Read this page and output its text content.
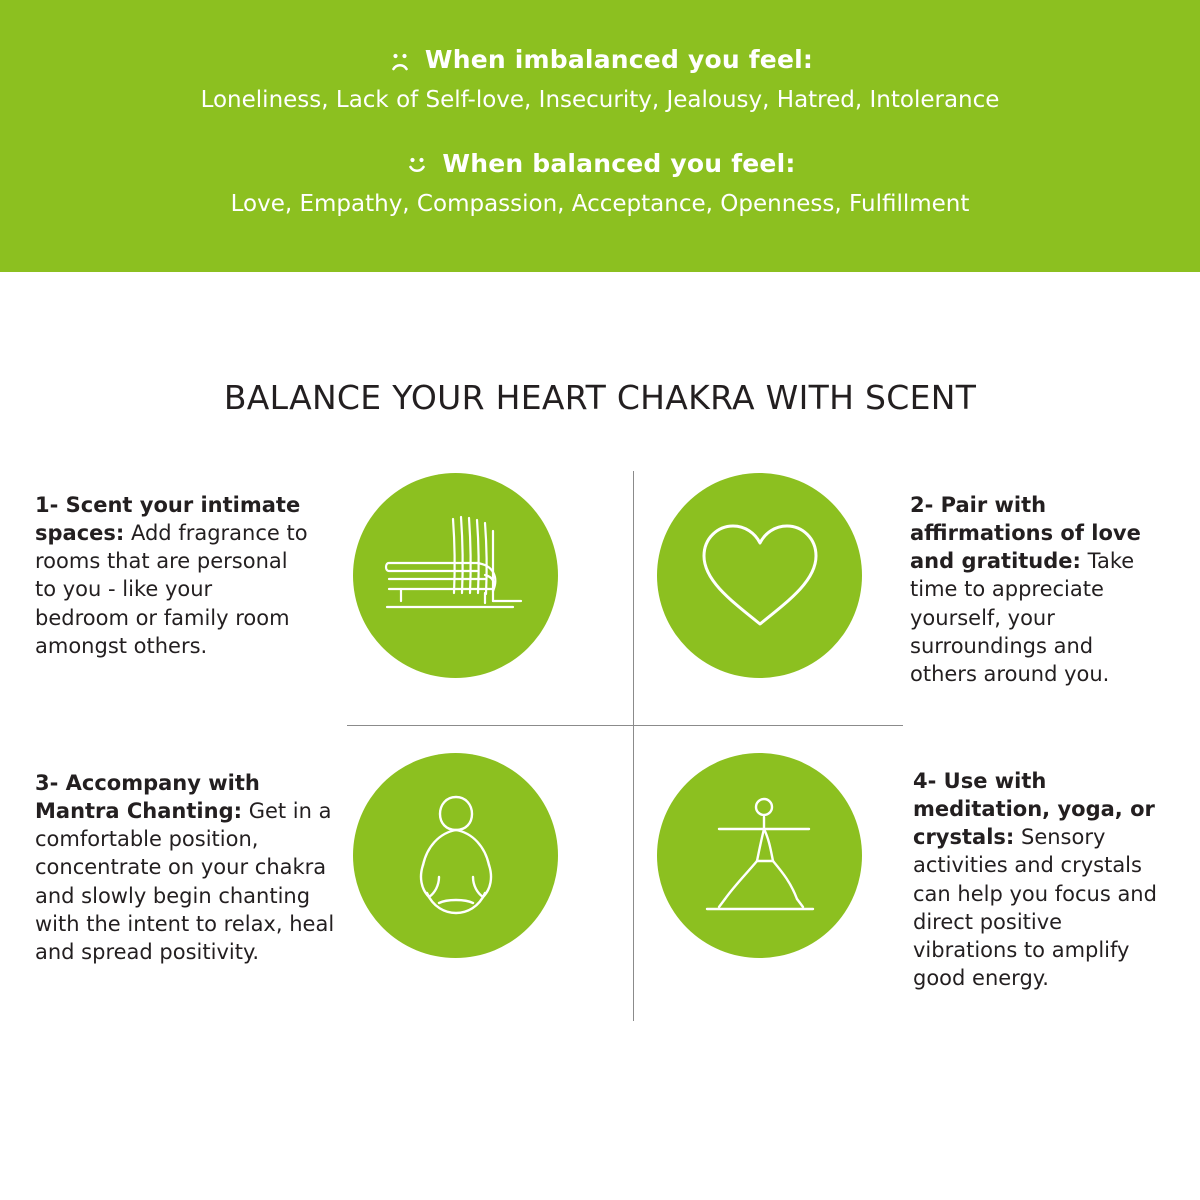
When imbalanced you feel:
Loneliness, Lack of Self-love, Insecurity, Jealousy, Hatred, Intolerance
When balanced you feel:
Love, Empathy, Compassion, Acceptance, Openness, Fulfillment
BALANCE YOUR HEART CHAKRA WITH SCENT
1- Scent your intimate spaces: Add fragrance to rooms that are personal to you - like your bedroom or family room amongst others.
2- Pair with affirmations of love and gratitude: Take time to appreciate yourself, your surroundings and others around you.
3- Accompany with Mantra Chanting: Get in a comfortable position, concentrate on your chakra and slowly begin chanting with the intent to relax, heal and spread positivity.
4- Use with meditation, yoga, or crystals: Sensory activities and crystals can help you focus and direct positive vibrations to amplify good energy.
